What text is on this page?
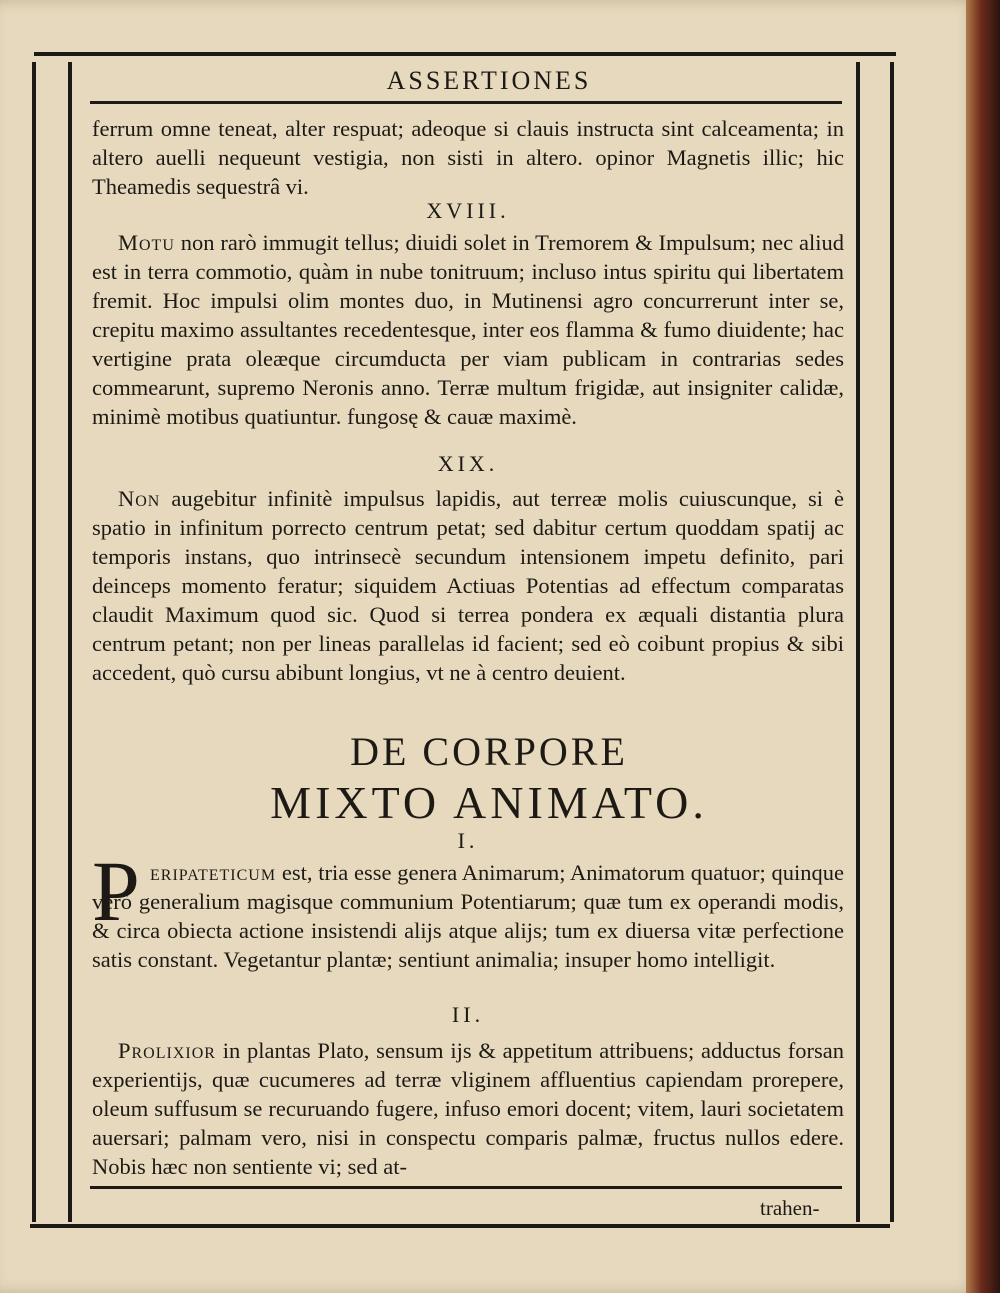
ASSERTIONES

ferrum omne teneat, alter respuat; adeoque si clauis instructa sint calceamenta; in altero auelli nequeunt vestigia, non sisti in altero. opinor Magnetis illic; hic Theamedis sequestrâ vi.

XVIII.

Motu non rarò immugit tellus; diuidi solet in Tremorem & Impulsum; nec aliud est in terra commotio, quàm in nube tonitruum; incluso intus spiritu qui libertatem fremit. Hoc impulsi olim montes duo, in Mutinensi agro concurrerunt inter se, crepitu maximo assultantes recedentesque, inter eos flamma & fumo diuidente; hac vertigine prata oleæque circumducta per viam publicam in contrarias sedes commearunt, supremo Neronis anno. Terræ multum frigidæ, aut insigniter calidæ, minimè motibus quatiuntur. fungosę & cauæ maximè.

XIX.

Non augebitur infinitè impulsus lapidis, aut terreæ molis cuiuscunque, si è spatio in infinitum porrecto centrum petat; sed dabitur certum quoddam spatij ac temporis instans, quo intrinsecè secundum intensionem impetu definito, pari deinceps momento feratur; siquidem Actiuas Potentias ad effectum comparatas claudit Maximum quod sic. Quod si terrea pondera ex æquali distantia plura centrum petant; non per lineas parallelas id facient; sed eò coibunt propius & sibi accedent, quò cursu abibunt longius, vt ne à centro deuient.

DE CORPORE
MIXTO ANIMATO.
I.
P eripateticum est, tria esse genera Animarum; Animatorum quatuor; quinque verò generalium magisque communium Potentiarum; quæ tum ex operandi modis, & circa obiecta actione insistendi alijs atque alijs; tum ex diuersa vitæ perfectione satis constant. Vegetantur plantæ; sentiunt animalia; insuper homo intelligit.

II.

Prolixior in plantas Plato, sensum ijs & appetitum attribuens; adductus forsan experientijs, quæ cucumeres ad terræ vliginem affluentius capiendam prorepere, oleum suffusum se recuruando fugere, infuso emori docent; vitem, lauri societatem auersari; palmam vero, nisi in conspectu comparis palmæ, fructus nullos edere. Nobis hæc non sentiente vi; sed at-

trahen-
